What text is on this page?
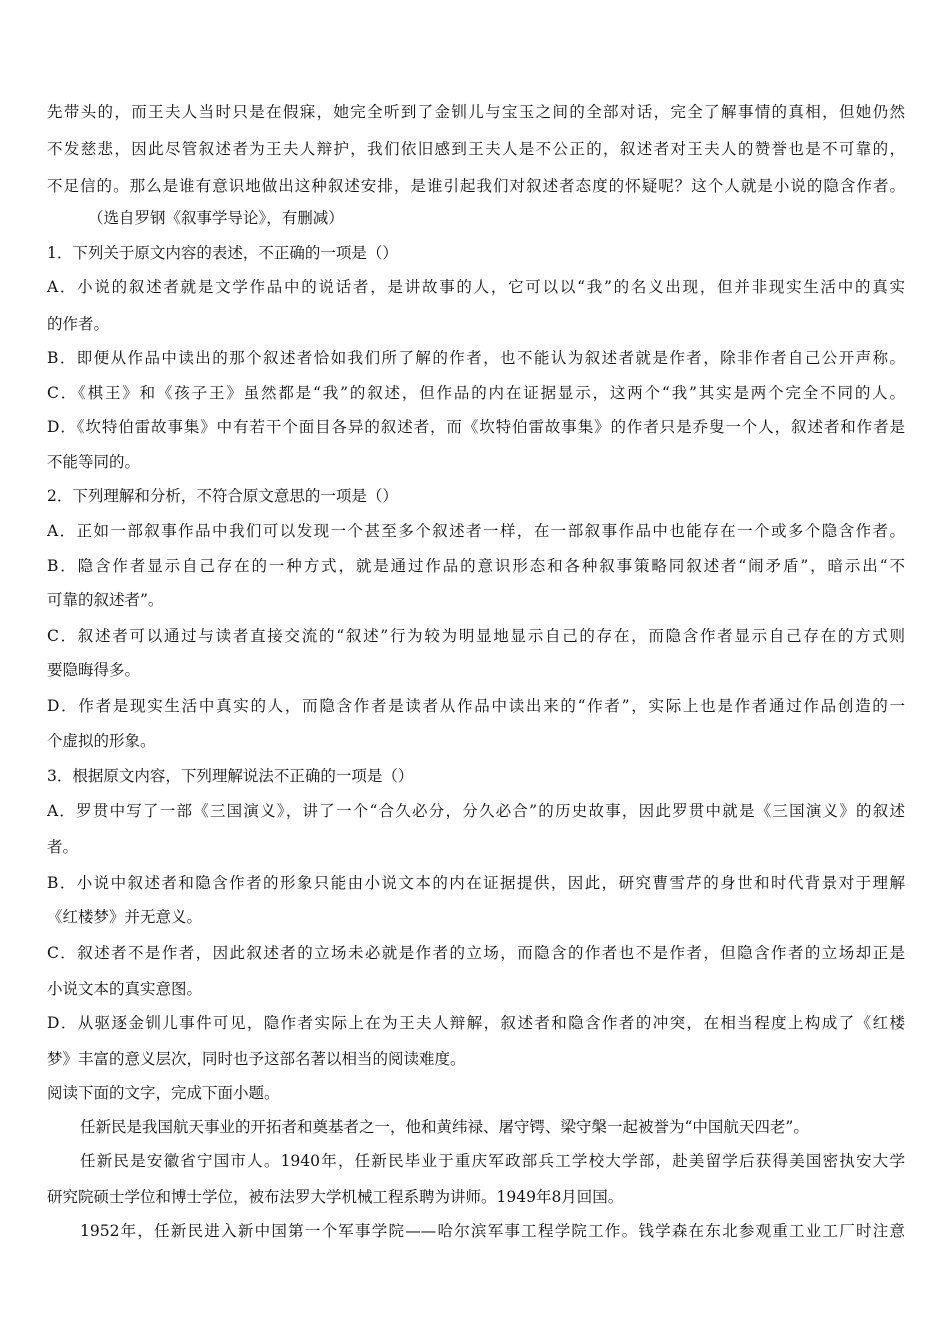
先带头的，而王夫人当时只是在假寐，她完全听到了金钏儿与宝玉之间的全部对话，完全了解事情的真相，但她仍然
不发慈悲，因此尽管叙述者为王夫人辩护，我们依旧感到王夫人是不公正的，叙述者对王夫人的赞誉也是不可靠的，
不足信的。那么是谁有意识地做出这种叙述安排，是谁引起我们对叙述者态度的怀疑呢？这个人就是小说的隐含作者。
（选自罗钢《叙事学导论》，有删减）
1．下列关于原文内容的表述，不正确的一项是（）
A．小说的叙述者就是文学作品中的说话者，是讲故事的人，它可以以“我”的名义出现，但并非现实生活中的真实
的作者。
B．即便从作品中读出的那个叙述者恰如我们所了解的作者，也不能认为叙述者就是作者，除非作者自己公开声称。
C．《棋王》和《孩子王》虽然都是“我”的叙述，但作品的内在证据显示，这两个“我”其实是两个完全不同的人。
D．《坎特伯雷故事集》中有若干个面目各异的叙述者，而《坎特伯雷故事集》的作者只是乔叟一个人，叙述者和作者是
不能等同的。
2．下列理解和分析，不符合原文意思的一项是（）
A．正如一部叙事作品中我们可以发现一个甚至多个叙述者一样，在一部叙事作品中也能存在一个或多个隐含作者。
B．隐含作者显示自己存在的一种方式，就是通过作品的意识形态和各种叙事策略同叙述者“闹矛盾”，暗示出“不
可靠的叙述者”。
C．叙述者可以通过与读者直接交流的“叙述”行为较为明显地显示自己的存在，而隐含作者显示自己存在的方式则
要隐晦得多。
D．作者是现实生活中真实的人，而隐含作者是读者从作品中读出来的“作者”，实际上也是作者通过作品创造的一
个虚拟的形象。
3．根据原文内容，下列理解说法不正确的一项是（）
A．罗贯中写了一部《三国演义》，讲了一个“合久必分，分久必合”的历史故事，因此罗贯中就是《三国演义》的叙述
者。
B．小说中叙述者和隐含作者的形象只能由小说文本的内在证据提供，因此，研究曹雪芹的身世和时代背景对于理解
《红楼梦》并无意义。
C．叙述者不是作者，因此叙述者的立场未必就是作者的立场，而隐含的作者也不是作者，但隐含作者的立场却正是
小说文本的真实意图。
D．从驱逐金钏儿事件可见，隐作者实际上在为王夫人辩解，叙述者和隐含作者的冲突，在相当程度上构成了《红楼
梦》丰富的意义层次，同时也予这部名著以相当的阅读难度。
阅读下面的文字，完成下面小题。
任新民是我国航天事业的开拓者和奠基者之一，他和黄纬禄、屠守锷、梁守槃一起被誉为“中国航天四老”。
任新民是安徽省宁国市人。1940年，任新民毕业于重庆军政部兵工学校大学部，赴美留学后获得美国密执安大学
研究院硕士学位和博士学位，被布法罗大学机械工程系聘为讲师。1949年8月回国。
1952年，任新民进入新中国第一个军事学院——哈尔滨军事工程学院工作。钱学森在东北参观重工业工厂时注意
